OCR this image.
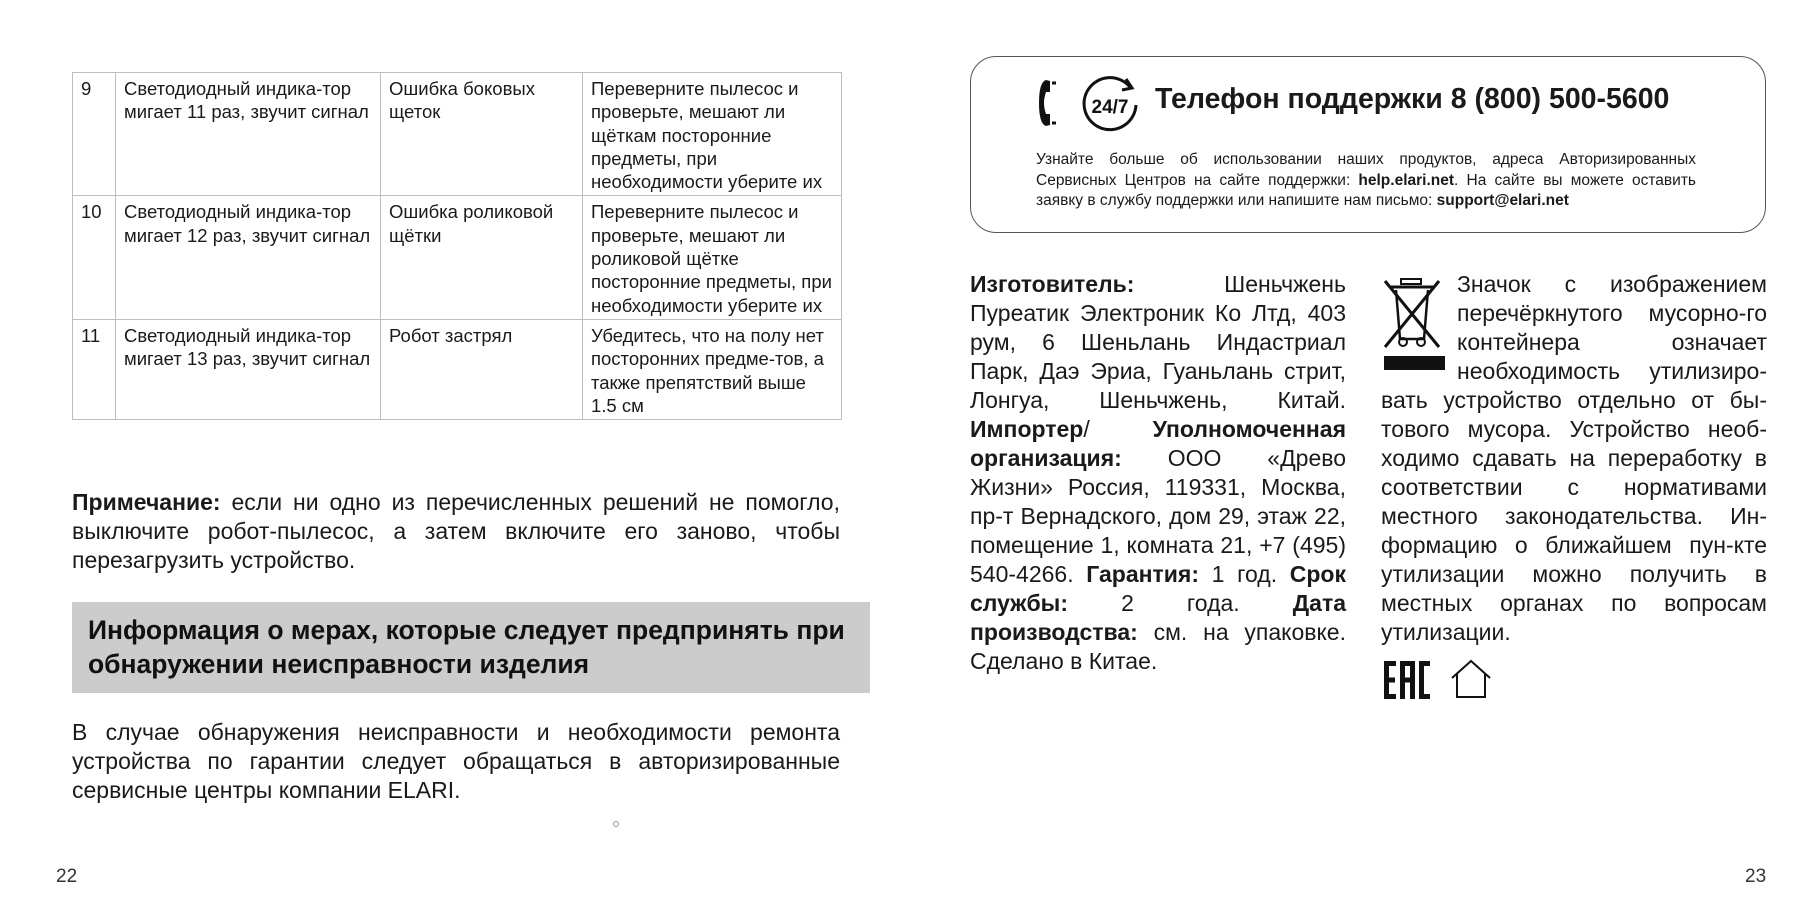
9	Светодиодный индика-тор мигает 11 раз, звучит сигнал	Ошибка боковых щеток	Переверните пылесос и проверьте, мешают ли щёткам посторонние предметы, при необходимости уберите их
10	Светодиодный индика-тор мигает 12 раз, звучит сигнал	Ошибка роликовой щётки	Переверните пылесос и проверьте, мешают ли роликовой щётке посторонние предметы, при необходимости уберите их
11	Светодиодный индика-тор мигает 13 раз, звучит сигнал	Робот застрял	Убедитесь, что на полу нет посторонних предме-тов, а также препятствий выше 1.5 см
Примечание: если ни одно из перечисленных решений не помогло, выключите робот-пылесос, а затем включите его заново, чтобы перезагрузить устройство.
Информация о мерах, которые следует предпринять при обнаружении неисправности изделия
В случае обнаружения неисправности и необходимости ремонта устройства по гарантии следует обращаться в авторизированные сервисные центры компании ELARI.
22
24/7 Телефон поддержки 8 (800) 500-5600
Узнайте больше об использовании наших продуктов, адреса Авторизированных Сервисных Центров на сайте поддержки: help.elari.net. На сайте вы можете оставить заявку в службу поддержки или напишите нам письмо: support@elari.net
Изготовитель: Шеньчжень Пуреатик Электроник Ко Лтд, 403 рум, 6 Шеньлань Индастриал Парк, Даэ Эриа, Гуаньлань стрит, Лонгуа, Шеньчжень, Китай. Импортер/ Уполномоченная организация: ООО «Древо Жизни» Россия, 119331, Москва, пр-т Вернадского, дом 29, этаж 22, помещение 1, комната 21, +7 (495) 540-4266. Гарантия: 1 год. Срок службы: 2 года. Дата производства: см. на упаковке. Сделано в Китае.
Значок с изображением перечёркнутого мусорно-го контейнера означает необходимость утилизиро-вать устройство отдельно от бы-тового мусора. Устройство необ-ходимо сдавать на переработку в соответствии с нормативами местного законодательства. Ин-формацию о ближайшем пун-кте утилизации можно получить в местных органах по вопросам утилизации.
23
